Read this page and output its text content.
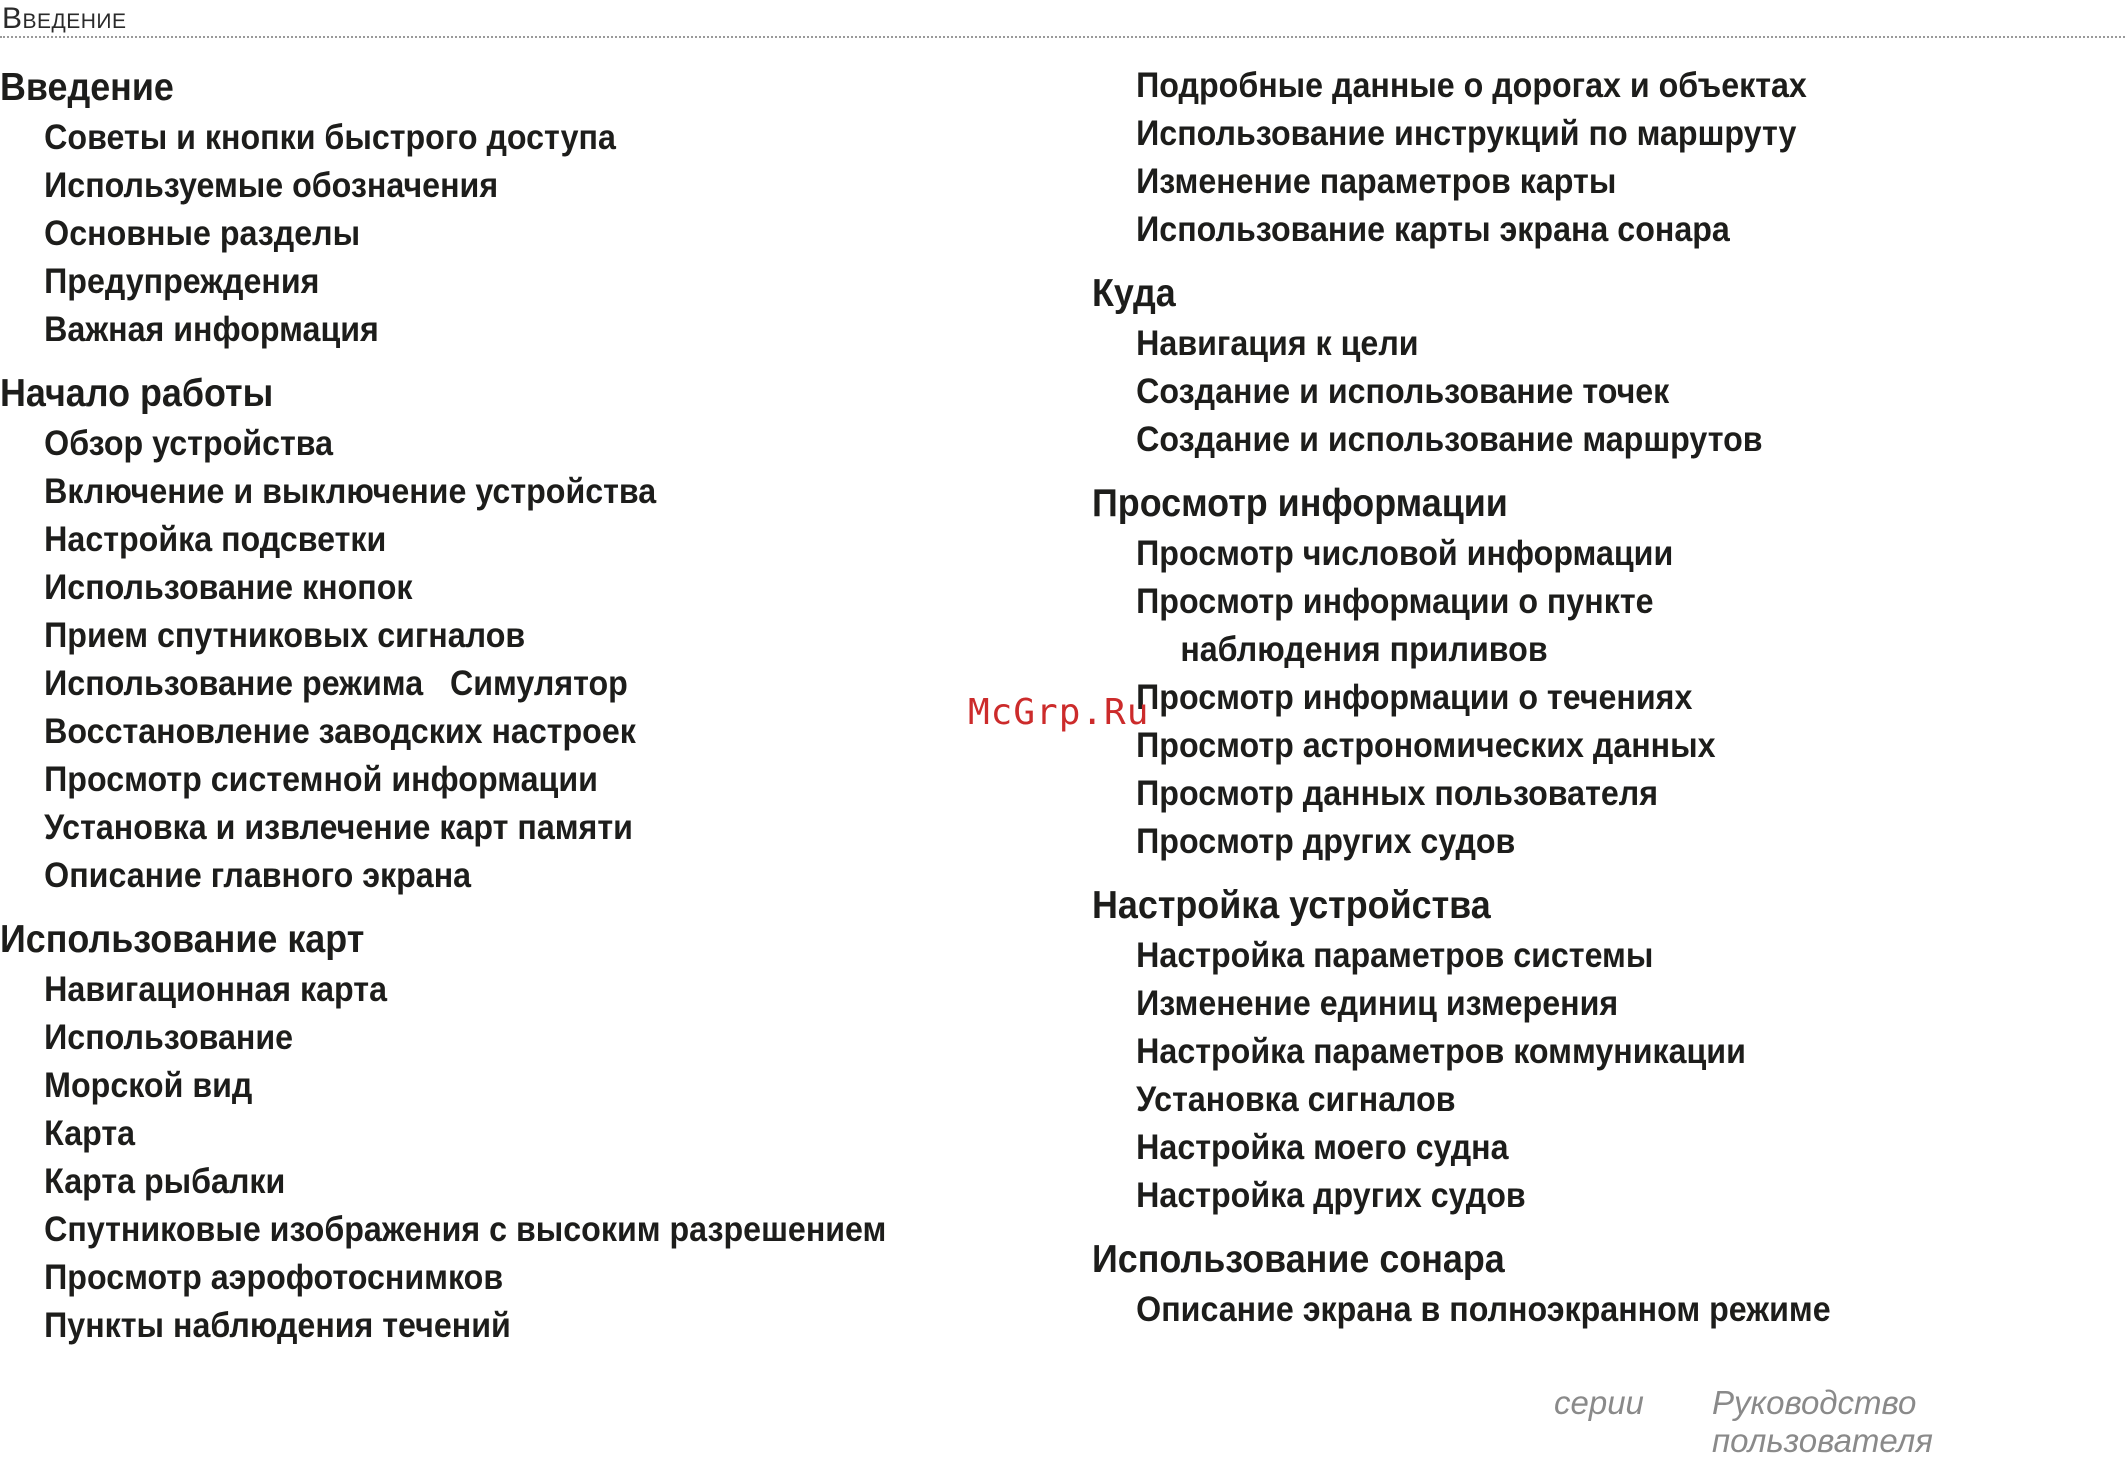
Введение
Введение
Советы и кнопки быстрого доступа
Используемые обозначения
Основные разделы
Предупреждения
Важная информация
Начало работы
Обзор устройства
Включение и выключение устройства
Настройка подсветки
Использование кнопок
Прием спутниковых сигналов
Использование режима   Симулятор
Восстановление заводских настроек
Просмотр системной информации
Установка и извлечение карт памяти
Описание главного экрана
Использование карт
Навигационная карта
Использование
Морской вид
Карта
Карта рыбалки
Спутниковые изображения с высоким разрешением
Просмотр аэрофотоснимков
Пункты наблюдения течений
Подробные данные о дорогах и объектах
Использование инструкций по маршруту
Изменение параметров карты
Использование карты экрана сонара
Куда
Навигация к цели
Создание и использование точек
Создание и использование маршрутов
Просмотр информации
Просмотр числовой информации
Просмотр информации о пункте
наблюдения приливов
Просмотр информации о течениях
Просмотр астрономических данных
Просмотр данных пользователя
Просмотр других судов
Настройка устройства
Настройка параметров системы
Изменение единиц измерения
Настройка параметров коммуникации
Установка сигналов
Настройка моего судна
Настройка других судов
Использование сонара
Описание экрана в полноэкранном режиме
McGrp.Ru
серии Руководство пользователя
